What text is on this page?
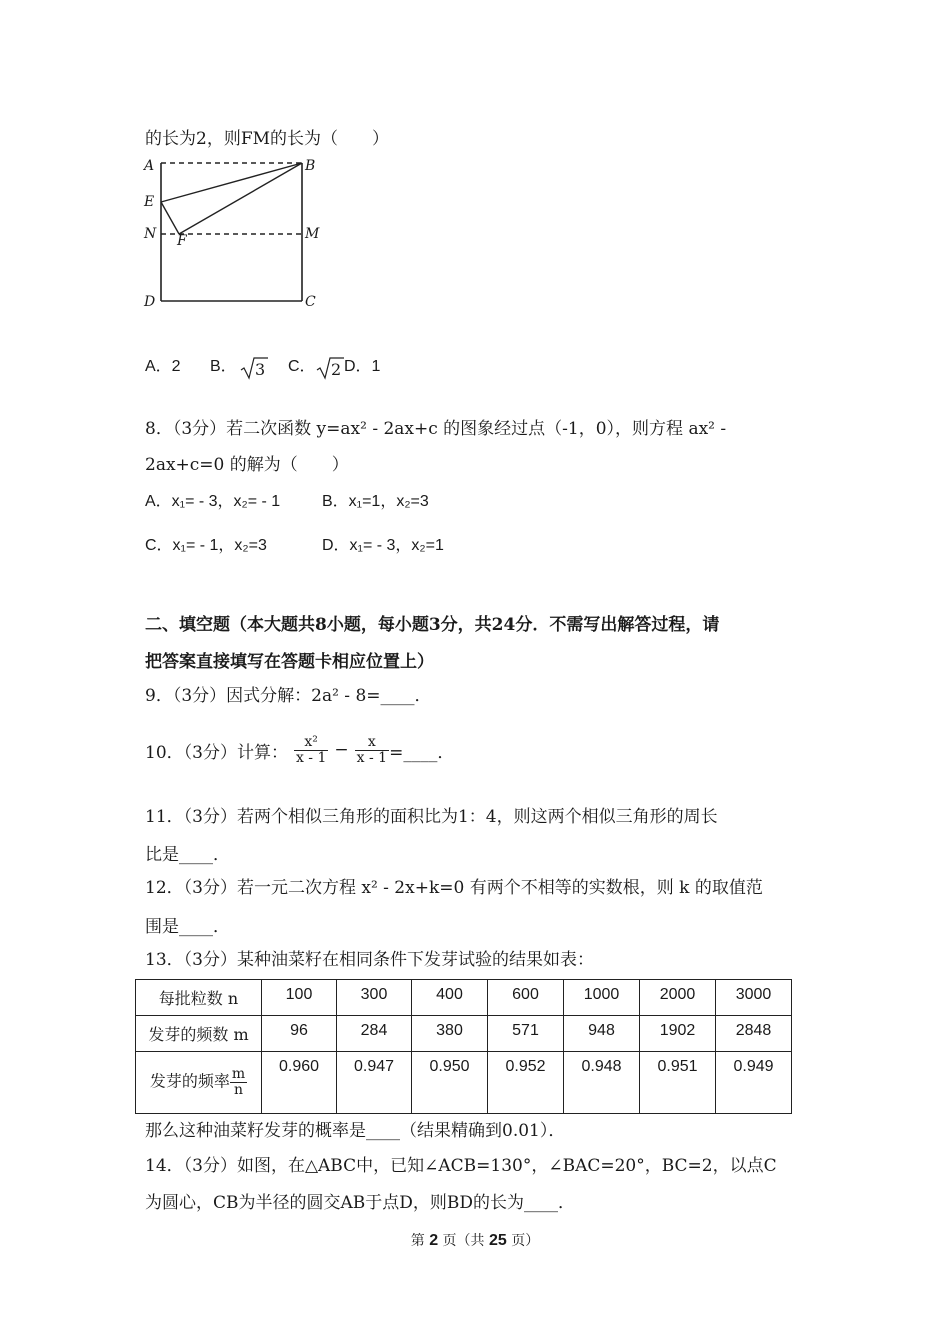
的长为2，则FM的长为（　　）
A	B
E
N F	M
D	C
A．2 B． 3 C． 2 D．1
8．（3分）若二次函数 y=ax² ‑ 2ax+c 的图象经过点（‑1，0），则方程 ax² ‑
2ax+c=0 的解为（　　）
A．x₁= ‑ 3，x₂= ‑ 1	B．x₁=1，x₂=3
C．x₁= ‑ 1，x₂=3	D．x₁= ‑ 3，x₂=1
二、填空题（本大题共8小题，每小题3分，共24分．不需写出解答过程，请
把答案直接填写在答题卡相应位置上）
9．（3分）因式分解：2a² ‑ 8=____．
10．（3分）计算： $\frac{\text{x²}}{x - 1} - \frac{x}{x - 1}$ =____．
11．（3分）若两个相似三角形的面积比为1：4，则这两个相似三角形的周长
比是____．
12．（3分）若一元二次方程 x² ‑ 2x+k=0 有两个不相等的实数根，则 k 的取值范
围是____．
13．（3分）某种油菜籽在相同条件下发芽试验的结果如表：
每批粒数 n	100	300	400	600	1000	2000	3000
发芽的频数 m	96	284	380	571	948	1902	2848
发芽的频率 $\frac{m}{n}$	0.960	0.947	0.950	0.952	0.948	0.951	0.949
那么这种油菜籽发芽的概率是____（结果精确到0.01）．
14．（3分）如图，在△ABC中，已知∠ACB=130°，∠BAC=20°，BC=2，以点C
为圆心，CB为半径的圆交AB于点D，则BD的长为____．
第 2 页（共 25 页）
